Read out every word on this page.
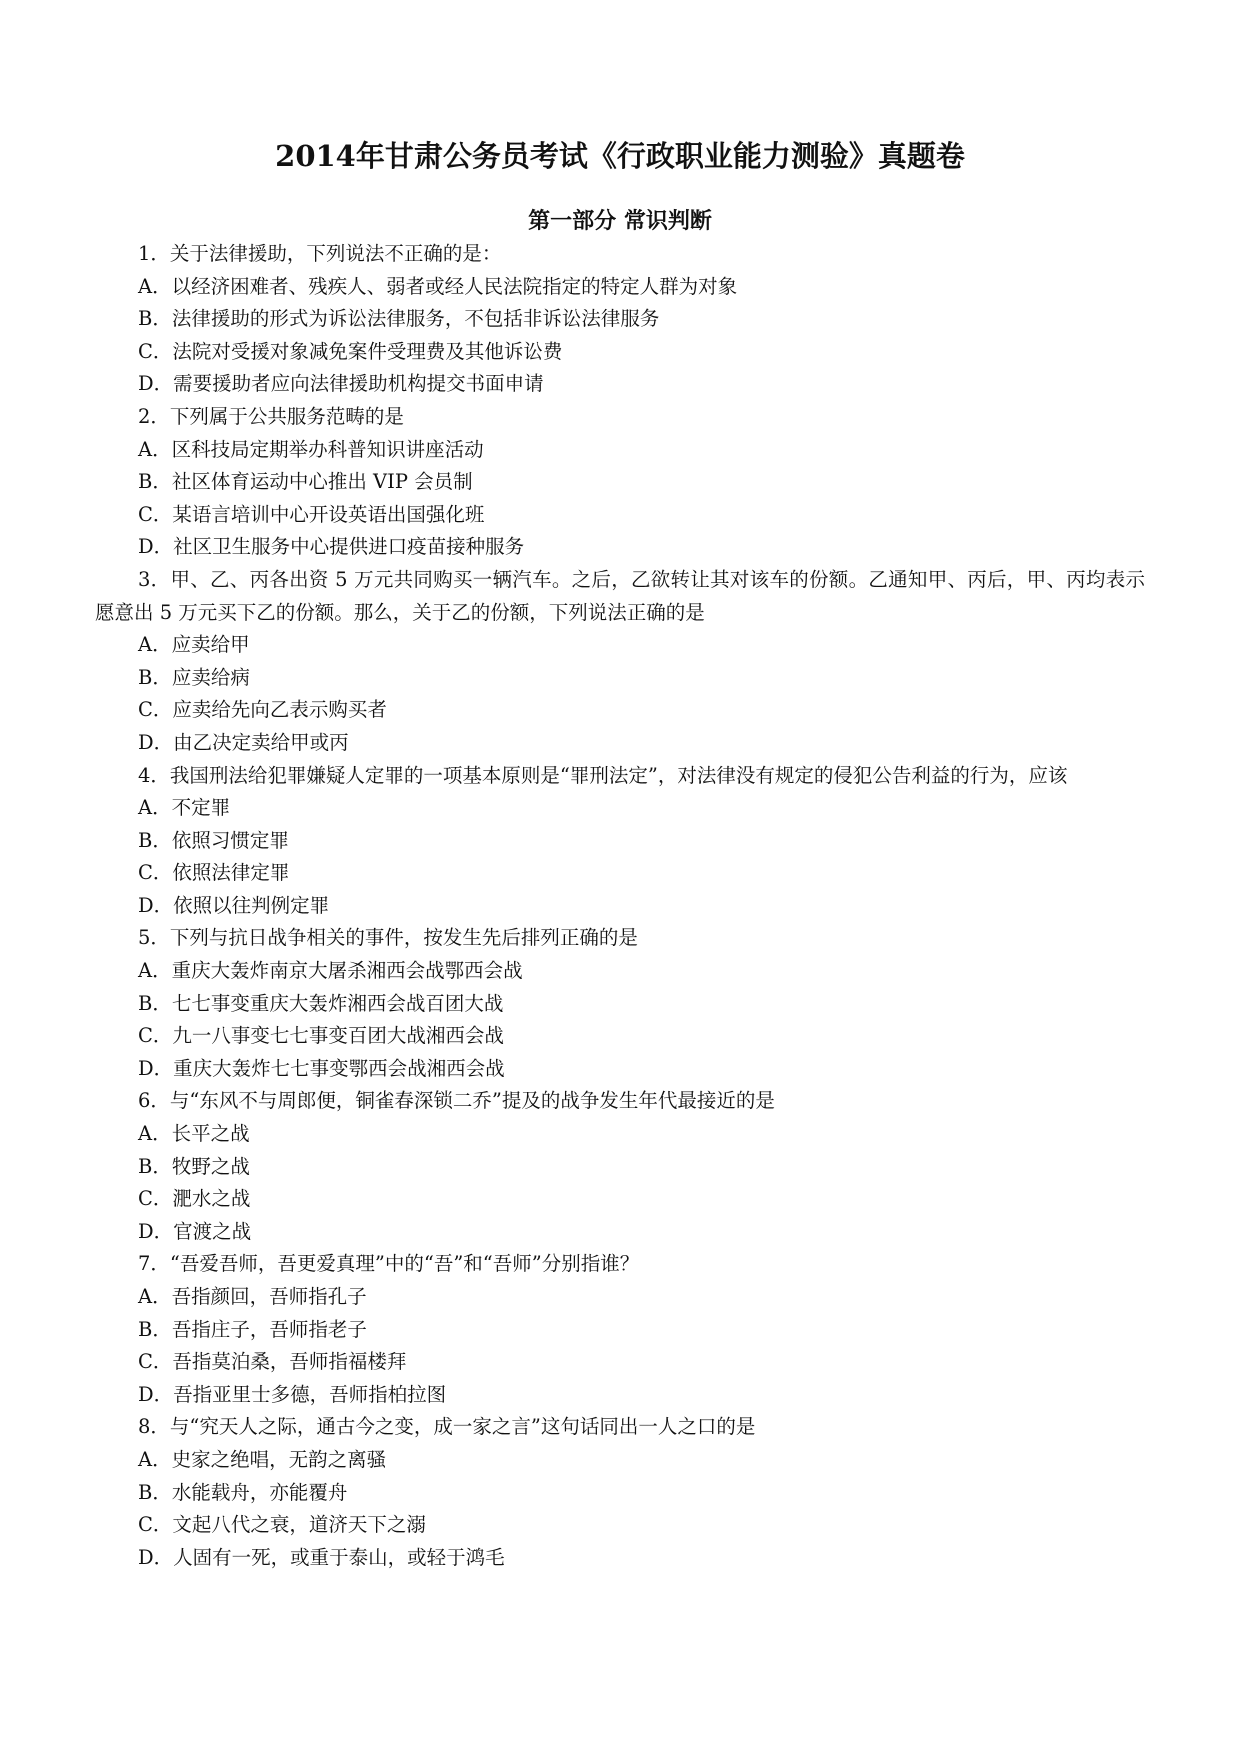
2014年甘肃公务员考试《行政职业能力测验》真题卷
第一部分 常识判断

1．关于法律援助，下列说法不正确的是：

A．以经济困难者、残疾人、弱者或经人民法院指定的特定人群为对象

B．法律援助的形式为诉讼法律服务，不包括非诉讼法律服务

C．法院对受援对象减免案件受理费及其他诉讼费

D．需要援助者应向法律援助机构提交书面申请

2．下列属于公共服务范畴的是

A．区科技局定期举办科普知识讲座活动

B．社区体育运动中心推出 VIP 会员制

C．某语言培训中心开设英语出国强化班

D．社区卫生服务中心提供进口疫苗接种服务

3．甲、乙、丙各出资 5 万元共同购买一辆汽车。之后，乙欲转让其对该车的份额。乙通知甲、丙后，甲、丙均表示愿意出 5 万元买下乙的份额。那么，关于乙的份额，下列说法正确的是

A．应卖给甲

B．应卖给病

C．应卖给先向乙表示购买者

D．由乙决定卖给甲或丙

4．我国刑法给犯罪嫌疑人定罪的一项基本原则是“罪刑法定”，对法律没有规定的侵犯公告利益的行为，应该

A．不定罪

B．依照习惯定罪

C．依照法律定罪

D．依照以往判例定罪

5．下列与抗日战争相关的事件，按发生先后排列正确的是

A．重庆大轰炸南京大屠杀湘西会战鄂西会战

B．七七事变重庆大轰炸湘西会战百团大战

C．九一八事变七七事变百团大战湘西会战

D．重庆大轰炸七七事变鄂西会战湘西会战

6．与“东风不与周郎便，铜雀春深锁二乔”提及的战争发生年代最接近的是

A．长平之战

B．牧野之战

C．淝水之战

D．官渡之战

7．“吾爱吾师，吾更爱真理”中的“吾”和“吾师”分别指谁？

A．吾指颜回，吾师指孔子

B．吾指庄子，吾师指老子

C．吾指莫泊桑，吾师指福楼拜

D．吾指亚里士多德，吾师指柏拉图

8．与“究天人之际，通古今之变，成一家之言”这句话同出一人之口的是

A．史家之绝唱，无韵之离骚

B．水能载舟，亦能覆舟

C．文起八代之衰，道济天下之溺

D．人固有一死，或重于泰山，或轻于鸿毛
